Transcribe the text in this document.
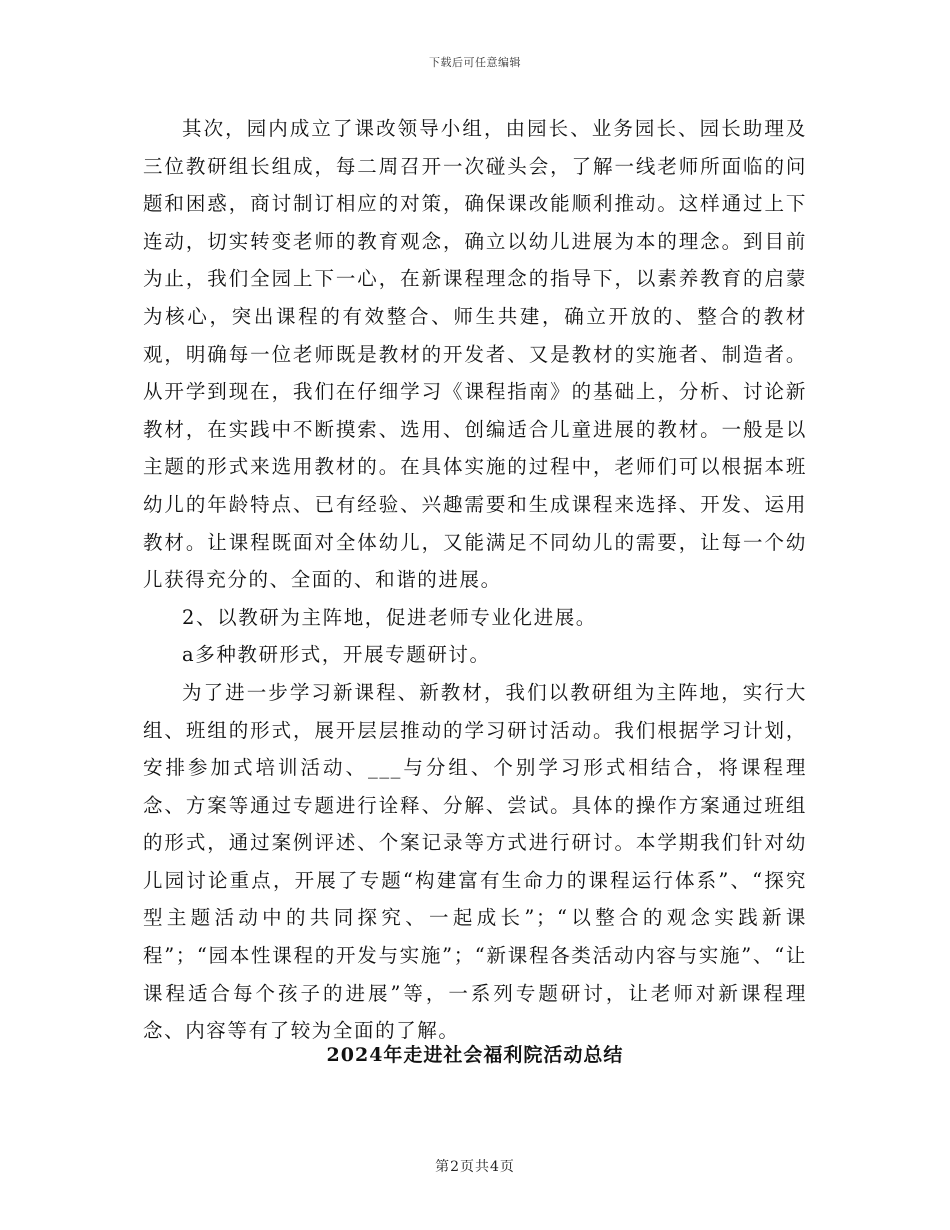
下载后可任意编辑

其次，园内成立了课改领导小组，由园长、业务园长、园长助理及三位教研组长组成，每二周召开一次碰头会，了解一线老师所面临的问题和困惑，商讨制订相应的对策，确保课改能顺利推动。这样通过上下连动，切实转变老师的教育观念，确立以幼儿进展为本的理念。到目前为止，我们全园上下一心，在新课程理念的指导下，以素养教育的启蒙为核心，突出课程的有效整合、师生共建，确立开放的、整合的教材观，明确每一位老师既是教材的开发者、又是教材的实施者、制造者。从开学到现在，我们在仔细学习《课程指南》的基础上，分析、讨论新教材，在实践中不断摸索、选用、创编适合儿童进展的教材。一般是以主题的形式来选用教材的。在具体实施的过程中，老师们可以根据本班幼儿的年龄特点、已有经验、兴趣需要和生成课程来选择、开发、运用教材。让课程既面对全体幼儿，又能满足不同幼儿的需要，让每一个幼儿获得充分的、全面的、和谐的进展。

2、以教研为主阵地，促进老师专业化进展。

a多种教研形式，开展专题研讨。

为了进一步学习新课程、新教材，我们以教研组为主阵地，实行大组、班组的形式，展开层层推动的学习研讨活动。我们根据学习计划，安排参加式培训活动、___与分组、个别学习形式相结合，将课程理念、方案等通过专题进行诠释、分解、尝试。具体的操作方案通过班组的形式，通过案例评述、个案记录等方式进行研讨。本学期我们针对幼儿园讨论重点，开展了专题“构建富有生命力的课程运行体系”、“探究型主题活动中的共同探究、一起成长”；“以整合的观念实践新课程”；“园本性课程的开发与实施”；“新课程各类活动内容与实施”、“让课程适合每个孩子的进展”等，一系列专题研讨，让老师对新课程理念、内容等有了较为全面的了解。

2024年走进社会福利院活动总结
第2页共4页
